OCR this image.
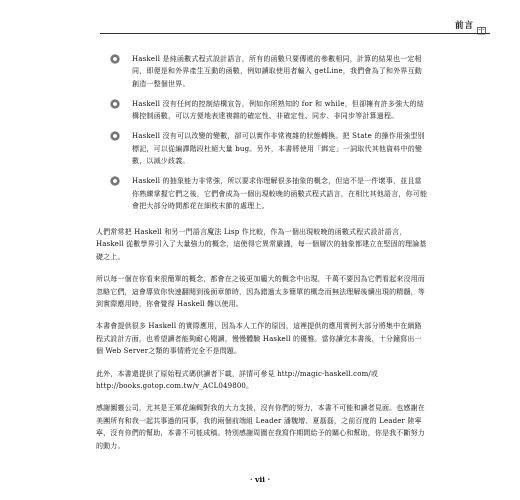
前言
Haskell 是純函數式程式設計語言，所有的函數只要傳遞的參數相同，計算的結果也一定相同，即便是和外界產生互動的函數，例如讀取使用者輸入 getLine，我們會為了和外界互動創造一整個世界。
Haskell 沒有任何的控制結構宣告，例如你所熟知的 for 和 while，但卻擁有許多強大的結構控制函數，可以方便地表達複雜的確定性、非確定性、同步、非同步等計算過程。
Haskell 沒有可以改變的變數，卻可以實作非常複雜的狀態轉換。把 State 的操作用強型別標記，可以從編譯階段杜絕大量 bug。另外，本書將使用「綁定」一詞取代其他資料中的變數，以減少歧義。
Haskell 的抽象能力非常強，所以要求你理解很多抽象的概念，但這不是一件壞事，並且當你熟練掌握它們之後，它們會成為一個出現較晚的函數式程式語言，在相比其他語言，你可能會把大部分時間都花在細枝末節的處理上。

人們常常把 Haskell 和另一門語言魔法 Lisp 作比較，作為一個出現較晚的函數式程式設計語言，Haskell 從數學界引入了大量強力的概念，這使得它異常嚴謹，每一個層次的抽象都建立在堅固的理論基礎之上。

所以每一個在你看來很簡單的概念，都會在之後更加龐大的概念中出現，千萬不要因為它們看起來沒用而忽略它們，這會導致你快速翻閱到後面章節時，因為錯過太多簡單的概念而無法理解後續出現的精髓，等到實際應用時，你會覺得 Haskell 難以使用。

本書會提供很多 Haskell 的實際應用，因為本人工作的原因，這裡提供的應用實例大部分將集中在網路程式設計方面，也希望讀者能夠耐心閱讀，慢慢體驗 Haskell 的優雅。當你讀完本書後，十分鐘寫出一個 Web Server之類的事情將完全不是問題。

此外，本書還提供了原始程式碼供讀者下載，詳情可參見 http://magic-haskell.com/或http://books.gotop.com.tw/v_ACL049800。

感謝圖靈公司，尤其是王軍花編輯對我的大力支援，沒有你們的努力，本書不可能和讀者見面。也感謝在美團所有和我一起共事過的同事，我的兩個前端組 Leader 潘魏增、夏磊磊，之前百度的 Leader 陸寧寧，沒有你們的幫助，本書不可能成稿。特別感謝周圍在我寫作期間給予的關心和幫助，你是我不斷努力的動力。

‧ vii ‧
